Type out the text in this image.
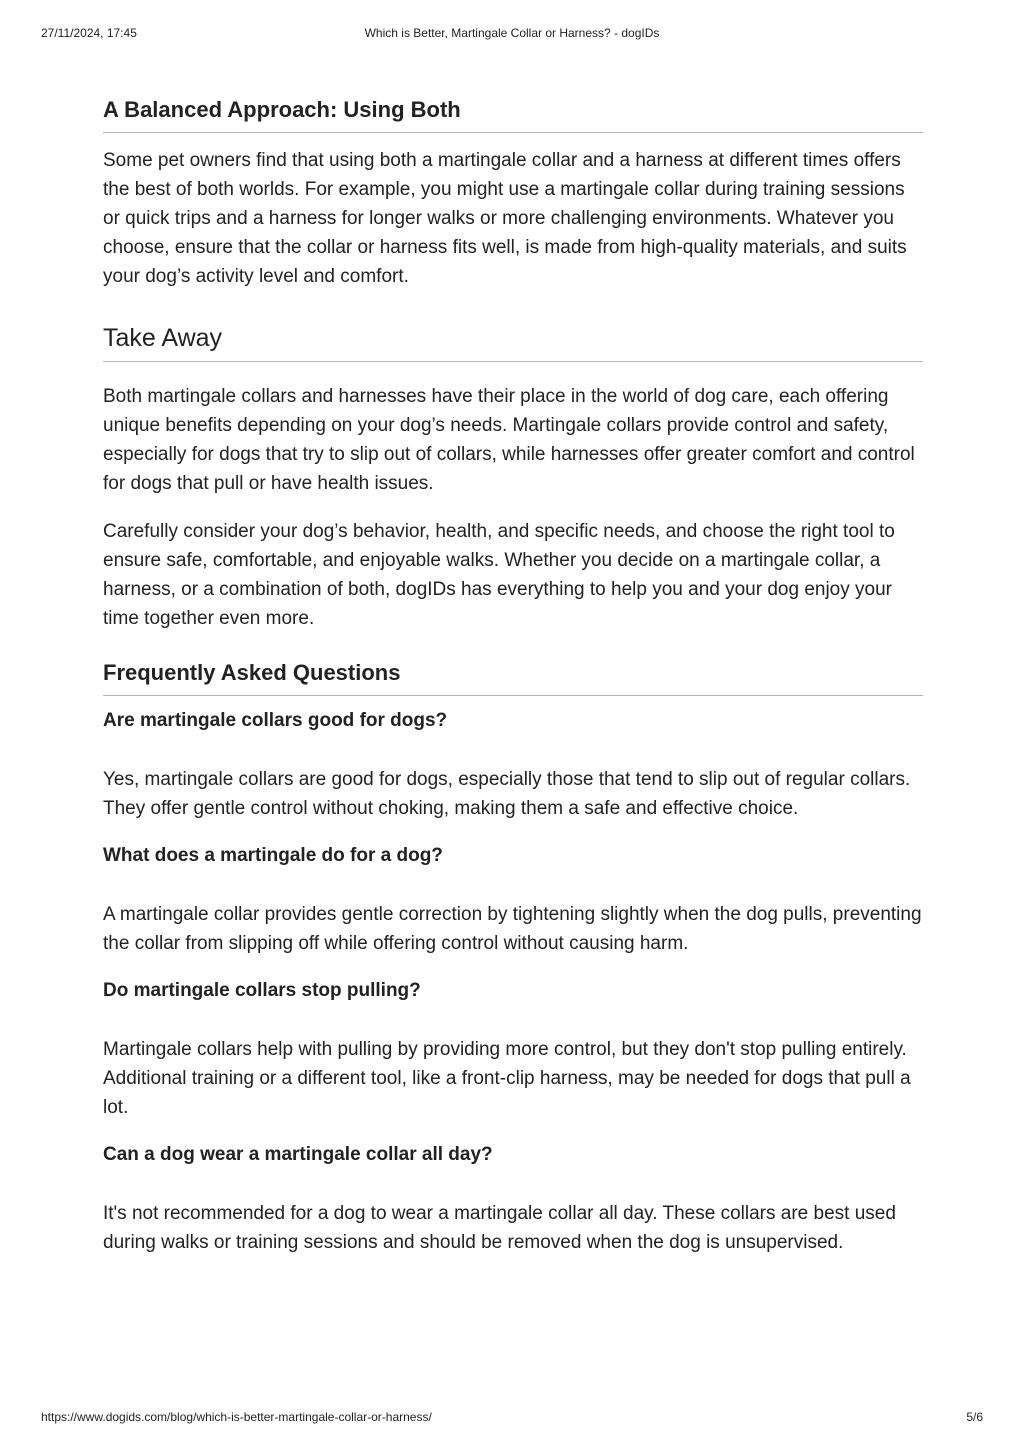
27/11/2024, 17:45	Which is Better, Martingale Collar or Harness? - dogIDs
A Balanced Approach: Using Both

Some pet owners find that using both a martingale collar and a harness at different times offers the best of both worlds. For example, you might use a martingale collar during training sessions or quick trips and a harness for longer walks or more challenging environments. Whatever you choose, ensure that the collar or harness fits well, is made from high-quality materials, and suits your dog’s activity level and comfort.

Take Away

Both martingale collars and harnesses have their place in the world of dog care, each offering unique benefits depending on your dog’s needs. Martingale collars provide control and safety, especially for dogs that try to slip out of collars, while harnesses offer greater comfort and control for dogs that pull or have health issues.

Carefully consider your dog’s behavior, health, and specific needs, and choose the right tool to ensure safe, comfortable, and enjoyable walks. Whether you decide on a martingale collar, a harness, or a combination of both, dogIDs has everything to help you and your dog enjoy your time together even more.

Frequently Asked Questions
Are martingale collars good for dogs?

Yes, martingale collars are good for dogs, especially those that tend to slip out of regular collars. They offer gentle control without choking, making them a safe and effective choice.

What does a martingale do for a dog?

A martingale collar provides gentle correction by tightening slightly when the dog pulls, preventing the collar from slipping off while offering control without causing harm.

Do martingale collars stop pulling?

Martingale collars help with pulling by providing more control, but they don't stop pulling entirely. Additional training or a different tool, like a front-clip harness, may be needed for dogs that pull a lot.

Can a dog wear a martingale collar all day?

It's not recommended for a dog to wear a martingale collar all day. These collars are best used during walks or training sessions and should be removed when the dog is unsupervised.

https://www.dogids.com/blog/which-is-better-martingale-collar-or-harness/	5/6
